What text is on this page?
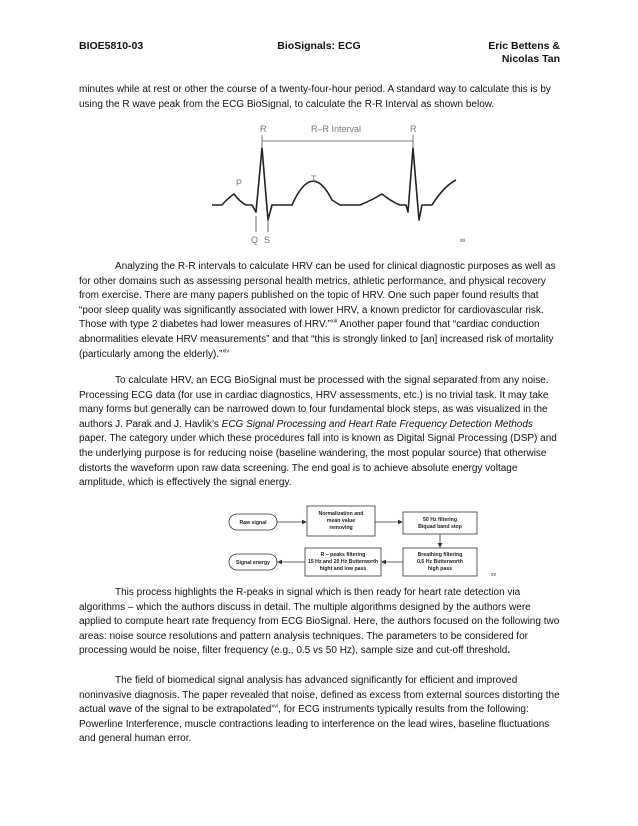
BIOE5810-03	BioSignals: ECG	Eric Bettens &
Nicolas Tan

minutes while at rest or other the course of a twenty-four-hour period. A standard way to calculate this is by using the R wave peak from the ECG BioSignal, to calculate the R-R Interval as shown below.

R	R–R Interval	R
P	T
Q S	xii

Analyzing the R-R intervals to calculate HRV can be used for clinical diagnostic purposes as well as for other domains such as assessing personal health metrics, athletic performance, and physical recovery from exercise. There are many papers published on the topic of HRV. One such paper found results that “poor sleep quality was significantly associated with lower HRV, a known predictor for cardiovascular risk. Those with type 2 diabetes had lower measures of HRV.”$^{xiii}$ Another paper found that “cardiac conduction abnormalities elevate HRV measurements” and that “this is strongly linked to [an] increased risk of mortality (particularly among the elderly).”$^{xiv}$

To calculate HRV, an ECG BioSignal must be processed with the signal separated from any noise. Processing ECG data (for use in cardiac diagnostics, HRV assessments, etc.) is no trivial task. It may take many forms but generally can be narrowed down to four fundamental block steps, as was visualized in the authors J. Parak and J. Havlik’s ECG Signal Processing and Heart Rate Frequency Detection Methods paper. The category under which these procedures fall into is known as Digital Signal Processing (DSP) and the underlying purpose is for reducing noise (baseline wandering, the most popular source) that otherwise distorts the waveform upon raw data screening. The end goal is to achieve absolute energy voltage amplitude, which is effectively the signal energy.

Raw signal
Normalization and
mean value
removing
50 Hz filtering
Biquad band stop
R – peaks filtering
15 Hz and 20 Hz Butterworth
hight and low pass
Breathing filtering
0,5 Hz Butterworth
high pass
Signal energy
xv

This process highlights the R-peaks in signal which is then ready for heart rate detection via algorithms – which the authors discuss in detail. The multiple algorithms designed by the authors were applied to compute heart rate frequency from ECG BioSignal. Here, the authors focused on the following two areas: noise source resolutions and pattern analysis techniques. The parameters to be considered for processing would be noise, filter frequency (e.g., 0.5 vs 50 Hz), sample size and cut-off threshold.

The field of biomedical signal analysis has advanced significantly for efficient and improved noninvasive diagnosis. The paper revealed that noise, defined as excess from external sources distorting the actual wave of the signal to be extrapolated$^{xvi}$, for ECG instruments typically results from the following: Powerline Interference, muscle contractions leading to interference on the lead wires, baseline fluctuations and general human error.
